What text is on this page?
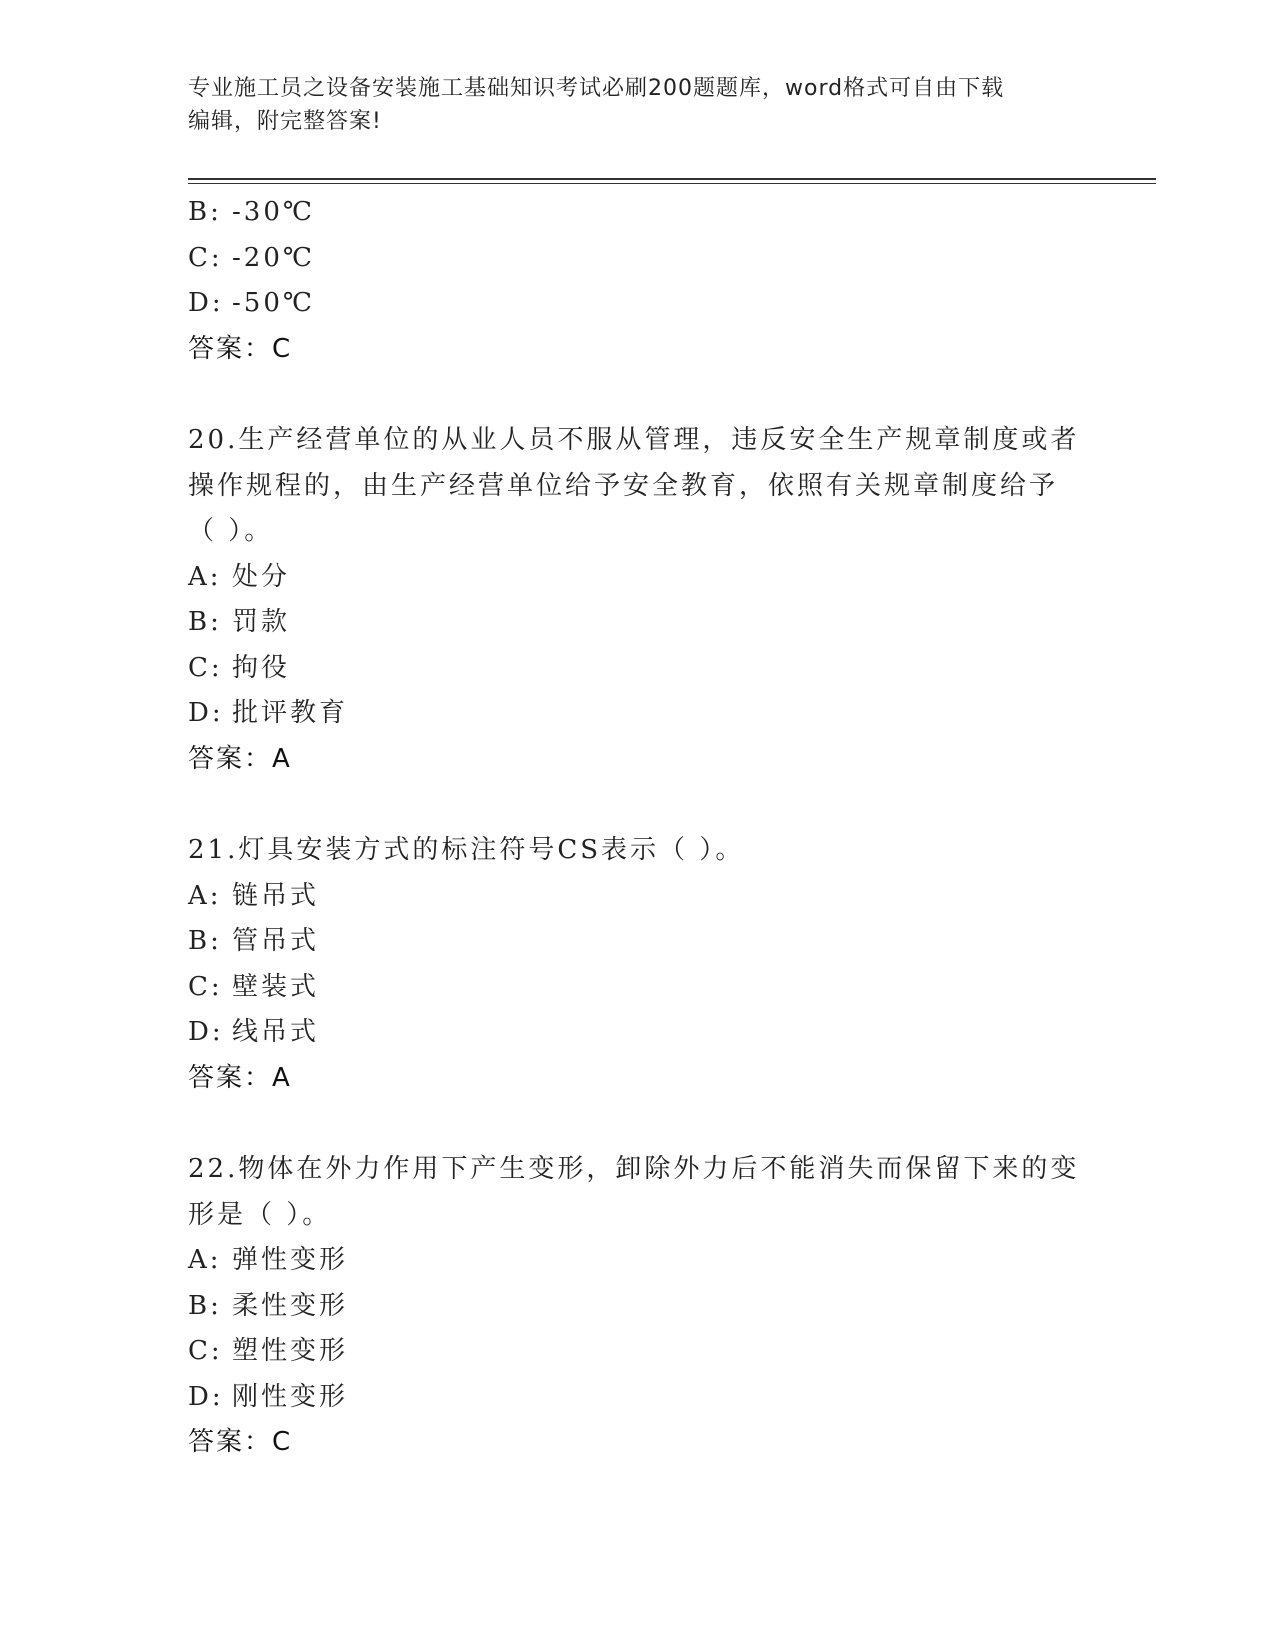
专业施工员之设备安装施工基础知识考试必刷200题题库，word格式可自由下载
编辑，附完整答案!
B: -30℃
C: -20℃
D: -50℃
答案：C
20.生产经营单位的从业人员不服从管理，违反安全生产规章制度或者
操作规程的，由生产经营单位给予安全教育，依照有关规章制度给予
（ ）。
A: 处分
B: 罚款
C: 拘役
D: 批评教育
答案：A
21.灯具安装方式的标注符号CS表示（ ）。
A: 链吊式
B: 管吊式
C: 壁装式
D: 线吊式
答案：A
22.物体在外力作用下产生变形，卸除外力后不能消失而保留下来的变
形是（ ）。
A: 弹性变形
B: 柔性变形
C: 塑性变形
D: 刚性变形
答案：C
